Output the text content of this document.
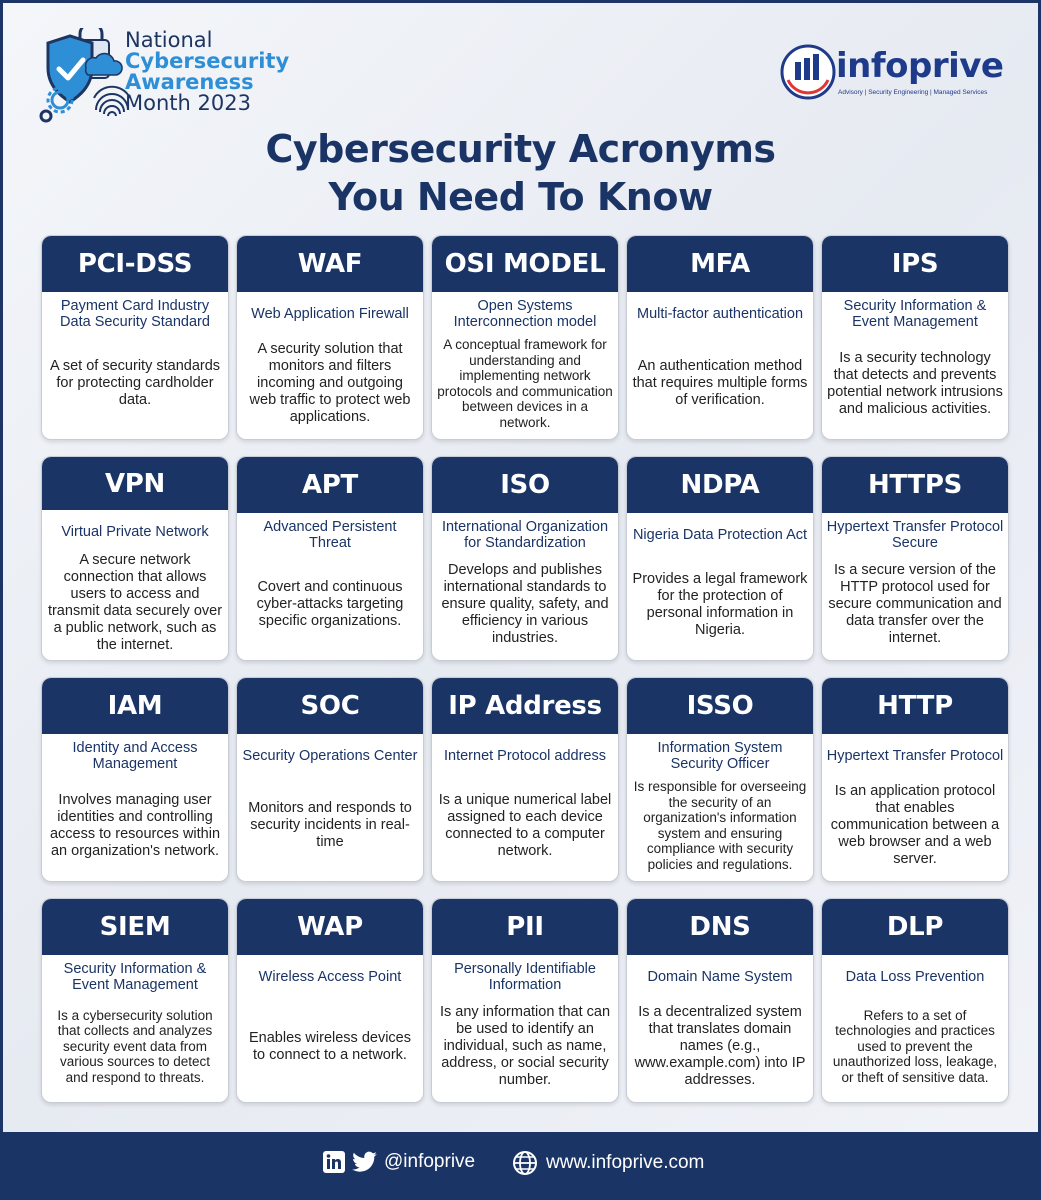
National
Cybersecurity
Awareness
Month 2023
infoprive
Advisory | Security Engineering | Managed Services
Cybersecurity Acronyms
You Need To Know
PCI-DSS
Payment Card Industry Data Security Standard
A set of security standards for protecting cardholder data.
WAF
Web Application Firewall
A security solution that monitors and filters incoming and outgoing web traffic to protect web applications.
OSI MODEL
Open Systems Interconnection model
A conceptual framework for understanding and implementing network protocols and communication between devices in a network.
MFA
Multi-factor authentication
An authentication method that requires multiple forms of verification.
IPS
Security Information & Event Management
Is a security technology that detects and prevents potential network intrusions and malicious activities.
VPN
Virtual Private Network
A secure network connection that allows users to access and transmit data securely over a public network, such as the internet.
APT
Advanced Persistent Threat
Covert and continuous cyber-attacks targeting specific organizations.
ISO
International Organization for Standardization
Develops and publishes international standards to ensure quality, safety, and efficiency in various industries.
NDPA
Nigeria Data Protection Act
Provides a legal framework for the protection of personal information in Nigeria.
HTTPS
Hypertext Transfer Protocol Secure
Is a secure version of the HTTP protocol used for secure communication and data transfer over the internet.
IAM
Identity and Access Management
Involves managing user identities and controlling access to resources within an organization's network.
SOC
Security Operations Center
Monitors and responds to security incidents in real-time
IP Address
Internet Protocol address
Is a unique numerical label assigned to each device connected to a computer network.
ISSO
Information System Security Officer
Is responsible for overseeing the security of an organization's information system and ensuring compliance with security policies and regulations.
HTTP
Hypertext Transfer Protocol
Is an application protocol that enables communication between a web browser and a web server.
SIEM
Security Information & Event Management
Is a cybersecurity solution that collects and analyzes security event data from various sources to detect and respond to threats.
WAP
Wireless Access Point
Enables wireless devices to connect to a network.
PII
Personally Identifiable Information
Is any information that can be used to identify an individual, such as name, address, or social security number.
DNS
Domain Name System
Is a decentralized system that translates domain names (e.g., www.example.com) into IP addresses.
DLP
Data Loss Prevention
Refers to a set of technologies and practices used to prevent the unauthorized loss, leakage, or theft of sensitive data.
@infoprive	www.infoprive.com
